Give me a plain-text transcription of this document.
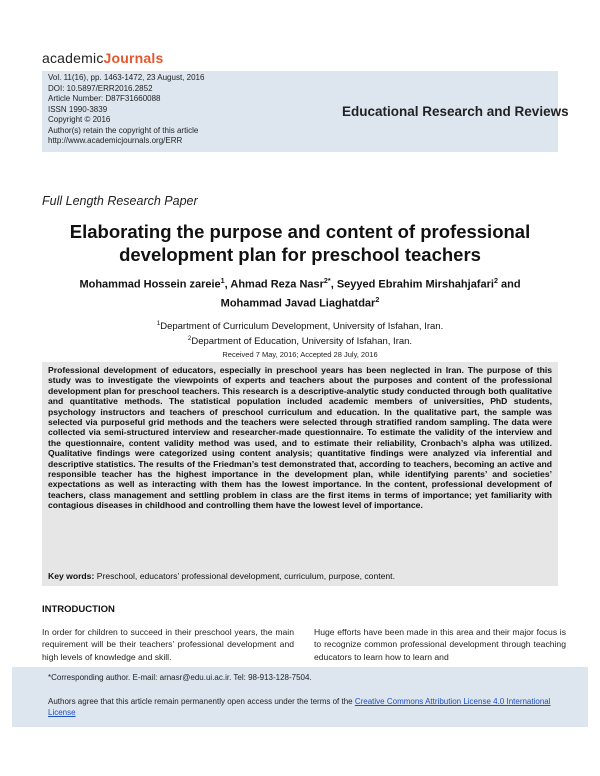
academicJournals
Vol. 11(16), pp. 1463-1472, 23 August, 2016
DOI: 10.5897/ERR2016.2852
Article Number: D87F31660088
ISSN 1990-3839
Copyright © 2016
Author(s) retain the copyright of this article
http://www.academicjournals.org/ERR
Educational Research and Reviews
Full Length Research Paper
Elaborating the purpose and content of professional development plan for preschool teachers
Mohammad Hossein zareie$^1$, Ahmad Reza Nasr$^{2*}$, Seyyed Ebrahim Mirshahjafari$^2$ and
Mohammad Javad Liaghatdar$^2$
$^1$Department of Curriculum Development, University of Isfahan, Iran.
$^2$Department of Education, University of Isfahan, Iran.
Received 7 May, 2016; Accepted 28 July, 2016
Professional development of educators, especially in preschool years has been neglected in Iran. The purpose of this study was to investigate the viewpoints of experts and teachers about the purposes and content of the professional development plan for preschool teachers. This research is a descriptive-analytic study conducted through both qualitative and quantitative methods. The statistical population included academic members of universities, PhD students, psychology instructors and teachers of preschool curriculum and education. In the qualitative part, the sample was selected via purposeful grid methods and the teachers were selected through stratified random sampling. The data were collected via semi-structured interview and researcher-made questionnaire. To estimate the validity of the interview and the questionnaire, content validity method was used, and to estimate their reliability, Cronbach’s alpha was utilized. Qualitative findings were categorized using content analysis; quantitative findings were analyzed via inferential and descriptive statistics. The results of the Friedman’s test demonstrated that, according to teachers, becoming an active and responsible teacher has the highest importance in the development plan, while identifying parents’ and societies’ expectations as well as interacting with them has the lowest importance. In the content, professional development of teachers, class management and settling problem in class are the first items in terms of importance; yet familiarity with contagious diseases in childhood and controlling them have the lowest level of importance.
Key words: Preschool, educators’ professional development, curriculum, purpose, content.
INTRODUCTION
In order for children to succeed in their preschool years, the main requirement will be their teachers’ professional development and high levels of knowledge and skill.
Huge efforts have been made in this area and their major focus is to recognize common professional development through teaching educators to learn how to learn and
*Corresponding author. E-mail: arnasr@edu.ui.ac.ir. Tel: 98-913-128-7504.
Authors agree that this article remain permanently open access under the terms of the Creative Commons Attribution License 4.0 International License
